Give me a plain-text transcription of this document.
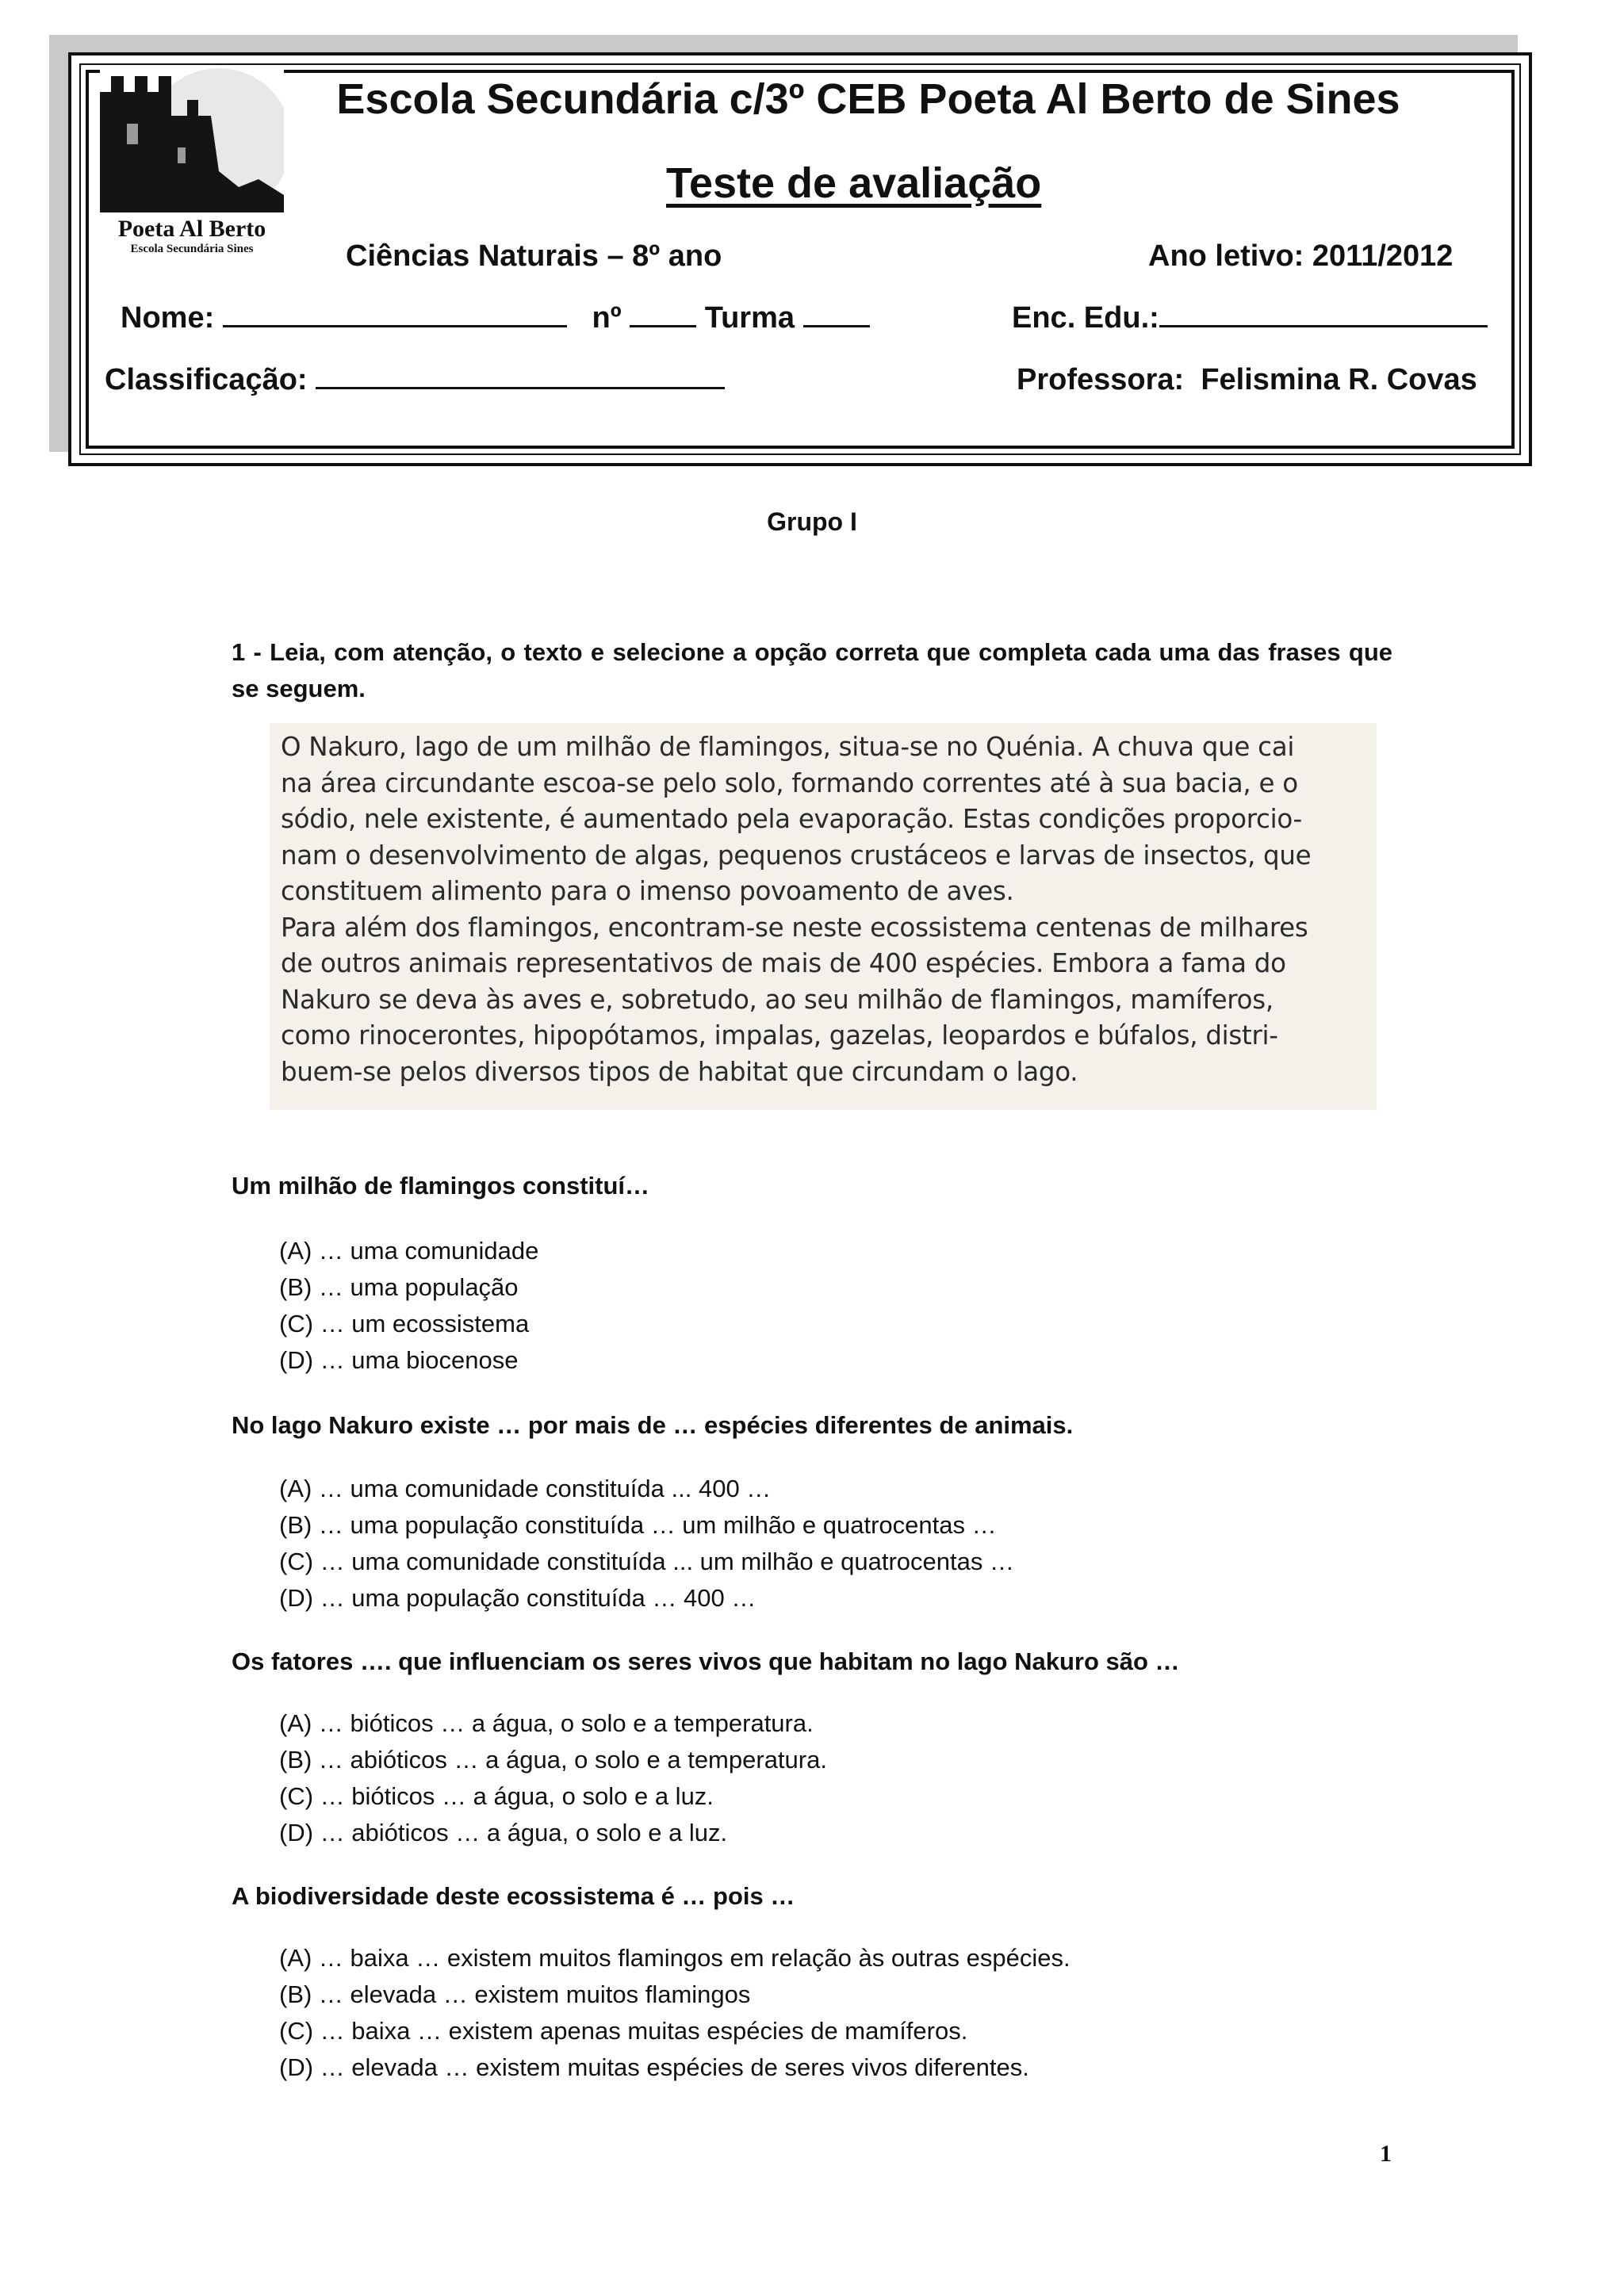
Poeta Al Berto
Escola Secundária Sines
Escola Secundária c/3º CEB Poeta Al Berto de Sines
Teste de avaliação
Ciências Naturais – 8º ano	Ano letivo: 2011/2012
Nome:	nº	Turma	Enc. Edu.:
Classificação:	Professora: Felismina R. Covas
Grupo I
1 - Leia, com atenção, o texto e selecione a opção correta que completa cada uma das frases que se seguem.
O Nakuro, lago de um milhão de flamingos, situa-se no Quénia. A chuva que cai
na área circundante escoa-se pelo solo, formando correntes até à sua bacia, e o
sódio, nele existente, é aumentado pela evaporação. Estas condições proporcio-
nam o desenvolvimento de algas, pequenos crustáceos e larvas de insectos, que
constituem alimento para o imenso povoamento de aves.
Para além dos flamingos, encontram-se neste ecossistema centenas de milhares
de outros animais representativos de mais de 400 espécies. Embora a fama do
Nakuro se deva às aves e, sobretudo, ao seu milhão de flamingos, mamíferos,
como rinocerontes, hipopótamos, impalas, gazelas, leopardos e búfalos, distri-
buem-se pelos diversos tipos de habitat que circundam o lago.
Um milhão de flamingos constituí…
(A) … uma comunidade
(B) … uma população
(C) … um ecossistema
(D) … uma biocenose
No lago Nakuro existe … por mais de … espécies diferentes de animais.
(A) … uma comunidade constituída ... 400 …
(B) … uma população constituída … um milhão e quatrocentas …
(C) … uma comunidade constituída ... um milhão e quatrocentas …
(D) … uma população constituída … 400 …
Os fatores …. que influenciam os seres vivos que habitam no lago Nakuro são …
(A) … bióticos … a água, o solo e a temperatura.
(B) … abióticos … a água, o solo e a temperatura.
(C) … bióticos … a água, o solo e a luz.
(D) … abióticos … a água, o solo e a luz.
A biodiversidade deste ecossistema é … pois …
(A) … baixa … existem muitos flamingos em relação às outras espécies.
(B) … elevada … existem muitos flamingos
(C) … baixa … existem apenas muitas espécies de mamíferos.
(D) … elevada … existem muitas espécies de seres vivos diferentes.
1
